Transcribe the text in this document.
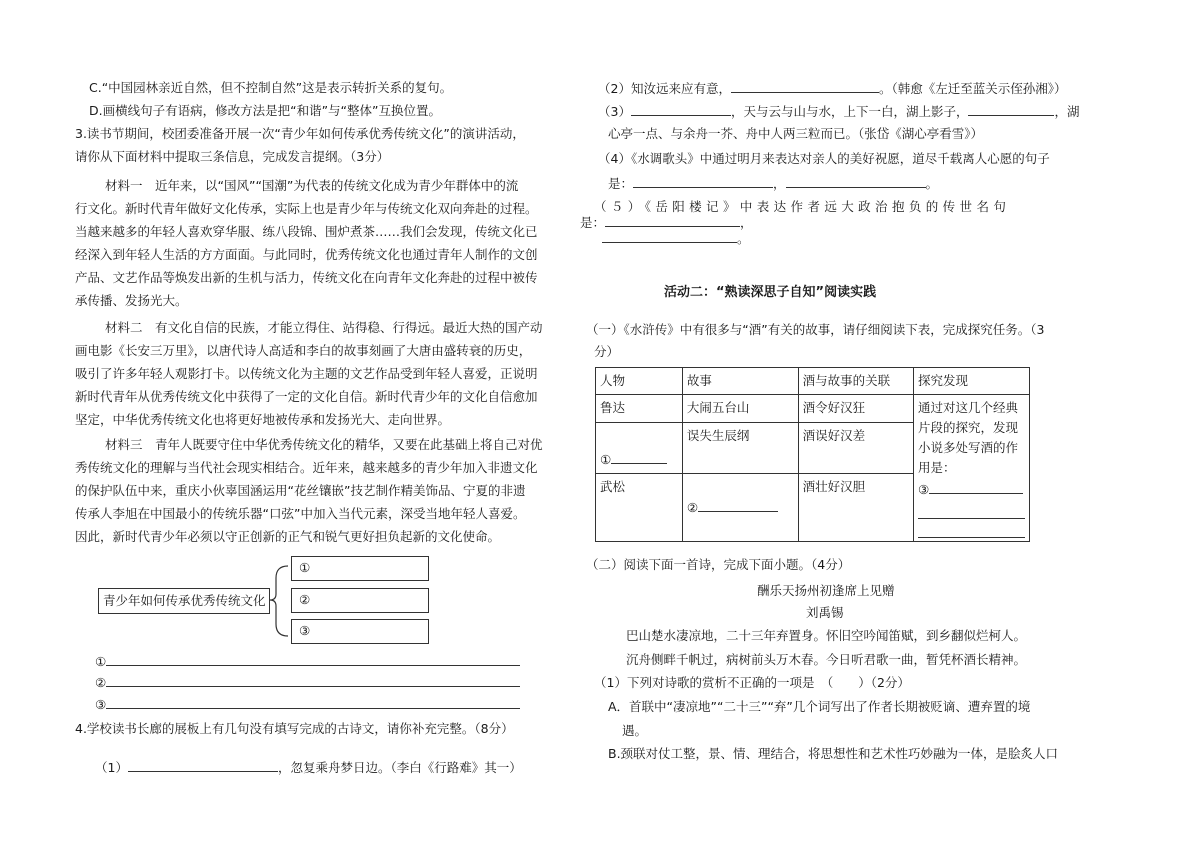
C.“中国园林亲近自然，但不控制自然”这是表示转折关系的复句。
D.画横线句子有语病，修改方法是把“和谐”与“整体”互换位置。
3.读书节期间，校团委准备开展一次“青少年如何传承优秀传统文化”的演讲活动，
请你从下面材料中提取三条信息，完成发言提纲。（3分）
材料一　近年来，以“国风”“国潮”为代表的传统文化成为青少年群体中的流
行文化。新时代青年做好文化传承，实际上也是青少年与传统文化双向奔赴的过程。
当越来越多的年轻人喜欢穿华服、练八段锦、围炉煮茶……我们会发现，传统文化已
经深入到年轻人生活的方方面面。与此同时，优秀传统文化也通过青年人制作的文创
产品、文艺作品等焕发出新的生机与活力，传统文化在向青年文化奔赴的过程中被传
承传播、发扬光大。
材料二　有文化自信的民族，才能立得住、站得稳、行得远。最近大热的国产动
画电影《长安三万里》，以唐代诗人高适和李白的故事刻画了大唐由盛转衰的历史，
吸引了许多年轻人观影打卡。以传统文化为主题的文艺作品受到年轻人喜爱，正说明
新时代青年从优秀传统文化中获得了一定的文化自信。新时代青少年的文化自信愈加
坚定，中华优秀传统文化也将更好地被传承和发扬光大、走向世界。
材料三　青年人既要守住中华优秀传统文化的精华，又要在此基础上将自己对优
秀传统文化的理解与当代社会现实相结合。近年来，越来越多的青少年加入非遗文化
的保护队伍中来，重庆小伙辜国涵运用“花丝镶嵌”技艺制作精美饰品、宁夏的非遗
传承人李旭在中国最小的传统乐器“口弦”中加入当代元素，深受当地年轻人喜爱。
因此，新时代青少年必须以守正创新的正气和锐气更好担负起新的文化使命。
青少年如何传承优秀传统文化
①
②
③
①
②
③
4.学校读书长廊的展板上有几句没有填写完成的古诗文，请你补充完整。（8分）
（1）	，忽复乘舟梦日边。（李白《行路难》其一）
（2）知汝远来应有意，	。（韩愈《左迁至蓝关示侄孙湘》）
（3）	，天与云与山与水，上下一白，湖上影子，	，湖
心亭一点、与余舟一芥、舟中人两三粒而已。（张岱《湖心亭看雪》）
（4）《水调歌头》中通过明月来表达对亲人的美好祝愿，道尽千载离人心愿的句子
是：	，	。
（５）《岳阳楼记》中表达作者远大政治抱负的传世名句
是：	，
。
活动二：“熟读深思子自知”阅读实践
（一）《水浒传》中有很多与“酒”有关的故事，请仔细阅读下表，完成探究任务。（3
分）
人物	故事	酒与故事的关联	探究发现
鲁达	大闹五台山	酒令好汉狂	通过对这几个经典片段的探究，发现小说多处写酒的作用是：
③

①	误失生辰纲	酒误好汉差	
武松	②	酒壮好汉胆	
（二）阅读下面一首诗，完成下面小题。（4分）
酬乐天扬州初逢席上见赠
刘禹锡
巴山楚水凄凉地，二十三年弃置身。怀旧空吟闻笛赋，到乡翻似烂柯人。
沉舟侧畔千帆过，病树前头万木春。今日听君歌一曲，暂凭杯酒长精神。
（1）下列对诗歌的赏析不正确的一项是　（　　）（2分）
A．首联中“凄凉地”“二十三”“弃”几个词写出了作者长期被贬谪、遭弃置的境
遇。
B.颈联对仗工整，景、情、理结合，将思想性和艺术性巧妙融为一体，是脍炙人口
